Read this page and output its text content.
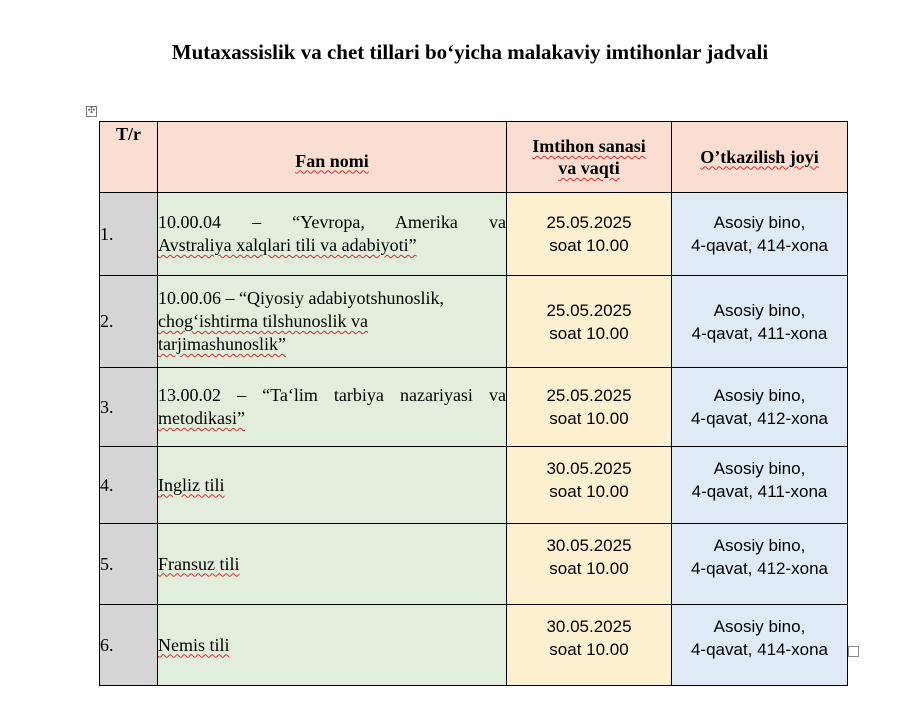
Mutaxassislik va chet tillari bo‘yicha malakaviy imtihonlar jadvali
✣
T/r	Fan nomi	Imtihon sanasi
va vaqti	O’tkazilish joyi
1.	10.00.04 – “Yevropa, Amerika va
Avstraliya xalqlari tili va adabiyoti”	25.05.2025
soat 10.00	Asosiy bino,
4-qavat, 414-xona

2.	10.00.06 – “Qiyosiy adabiyotshunoslik,
chog‘ishtirma tilshunoslik va
tarjimashunoslik”	25.05.2025
soat 10.00	Asosiy bino,
4-qavat, 411-xona

3.	13.00.02 – “Ta‘lim tarbiya nazariyasi va
metodikasi”	25.05.2025
soat 10.00	Asosiy bino,
4-qavat, 412-xona

4.	Ingliz tili	30.05.2025
soat 10.00	Asosiy bino,
4-qavat, 411-xona

5.	Fransuz tili	30.05.2025
soat 10.00	Asosiy bino,
4-qavat, 412-xona

6.	Nemis tili	30.05.2025
soat 10.00	Asosiy bino,
4-qavat, 414-xona
